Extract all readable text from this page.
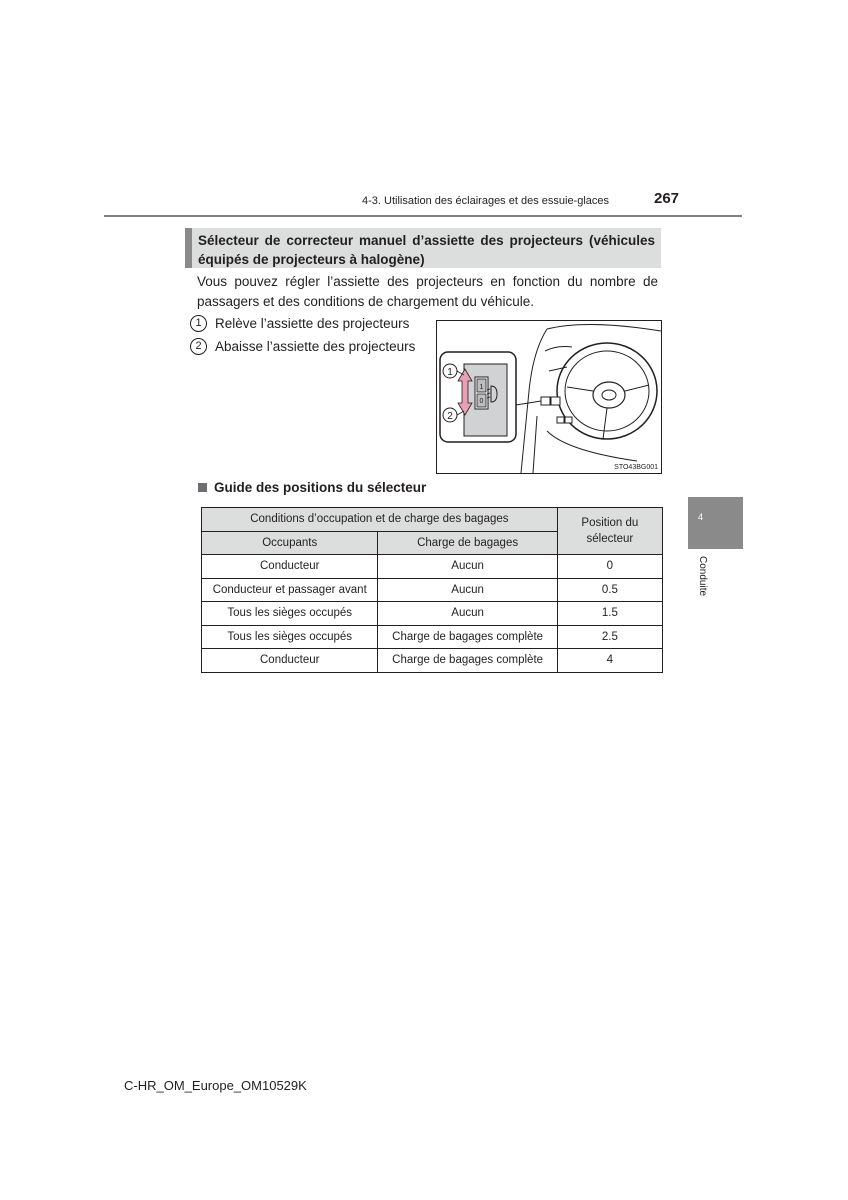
4-3. Utilisation des éclairages et des essuie-glaces	267
Sélecteur de correcteur manuel d’assiette des projecteurs (véhicules
équipés de projecteurs à halogène)
Vous pouvez régler l’assiette des projecteurs en fonction du nombre de
passagers et des conditions de chargement du véhicule.
1 Relève l’assiette des projecteurs
2 Abaisse l’assiette des projecteurs
1
2
1
0
STO43BG001
Guide des positions du sélecteur
Conditions d’occupation et de charge des bagages		Position du sélecteur
Occupants	Charge de bagages	
Conducteur	Aucun	0
Conducteur et passager avant	Aucun	0.5
Tous les sièges occupés	Aucun	1.5
Tous les sièges occupés	Charge de bagages complète	2.5
Conducteur	Charge de bagages complète	4
4
Conduite
C-HR_OM_Europe_OM10529K
